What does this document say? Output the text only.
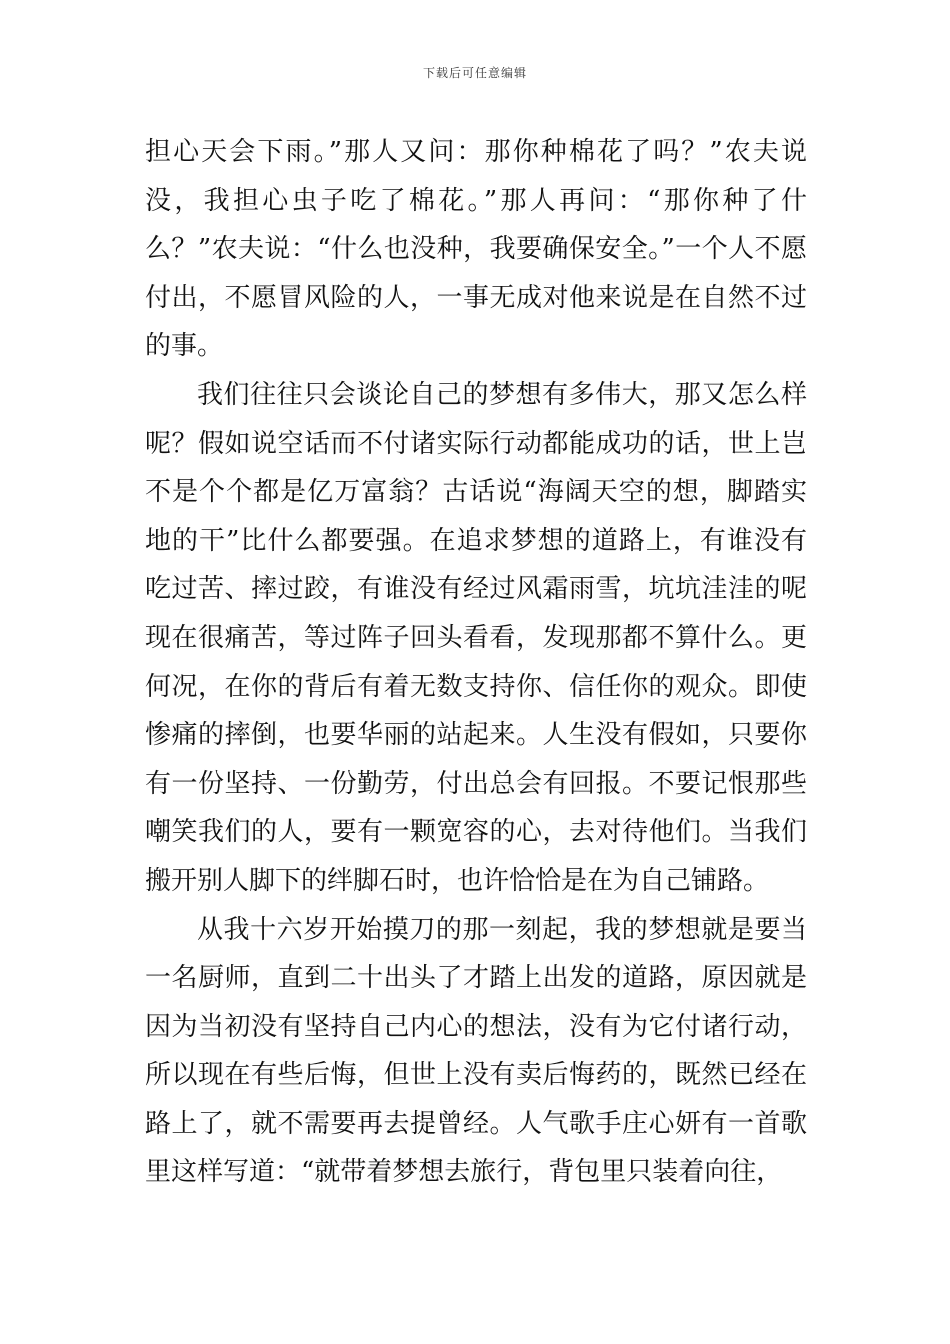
下载后可任意编辑

担心天会下雨。”那人又问：那你种棉花了吗？”农夫说没，我担心虫子吃了棉花。”那人再问：“那你种了什么？”农夫说：“什么也没种，我要确保安全。”一个人不愿付出，不愿冒风险的人，一事无成对他来说是在自然不过的事。

我们往往只会谈论自己的梦想有多伟大，那又怎么样呢？假如说空话而不付诸实际行动都能成功的话，世上岂不是个个都是亿万富翁？古话说“海阔天空的想，脚踏实地的干”比什么都要强。在追求梦想的道路上，有谁没有吃过苦、摔过跤，有谁没有经过风霜雨雪，坑坑洼洼的呢现在很痛苦，等过阵子回头看看，发现那都不算什么。更何况，在你的背后有着无数支持你、信任你的观众。即使惨痛的摔倒，也要华丽的站起来。人生没有假如，只要你有一份坚持、一份勤劳，付出总会有回报。不要记恨那些嘲笑我们的人，要有一颗宽容的心，去对待他们。当我们搬开别人脚下的绊脚石时，也许恰恰是在为自己铺路。

从我十六岁开始摸刀的那一刻起，我的梦想就是要当一名厨师，直到二十出头了才踏上出发的道路，原因就是因为当初没有坚持自己内心的想法，没有为它付诸行动，所以现在有些后悔，但世上没有卖后悔药的，既然已经在路上了，就不需要再去提曾经。人气歌手庄心妍有一首歌里这样写道：“就带着梦想去旅行，背包里只装着向往，
